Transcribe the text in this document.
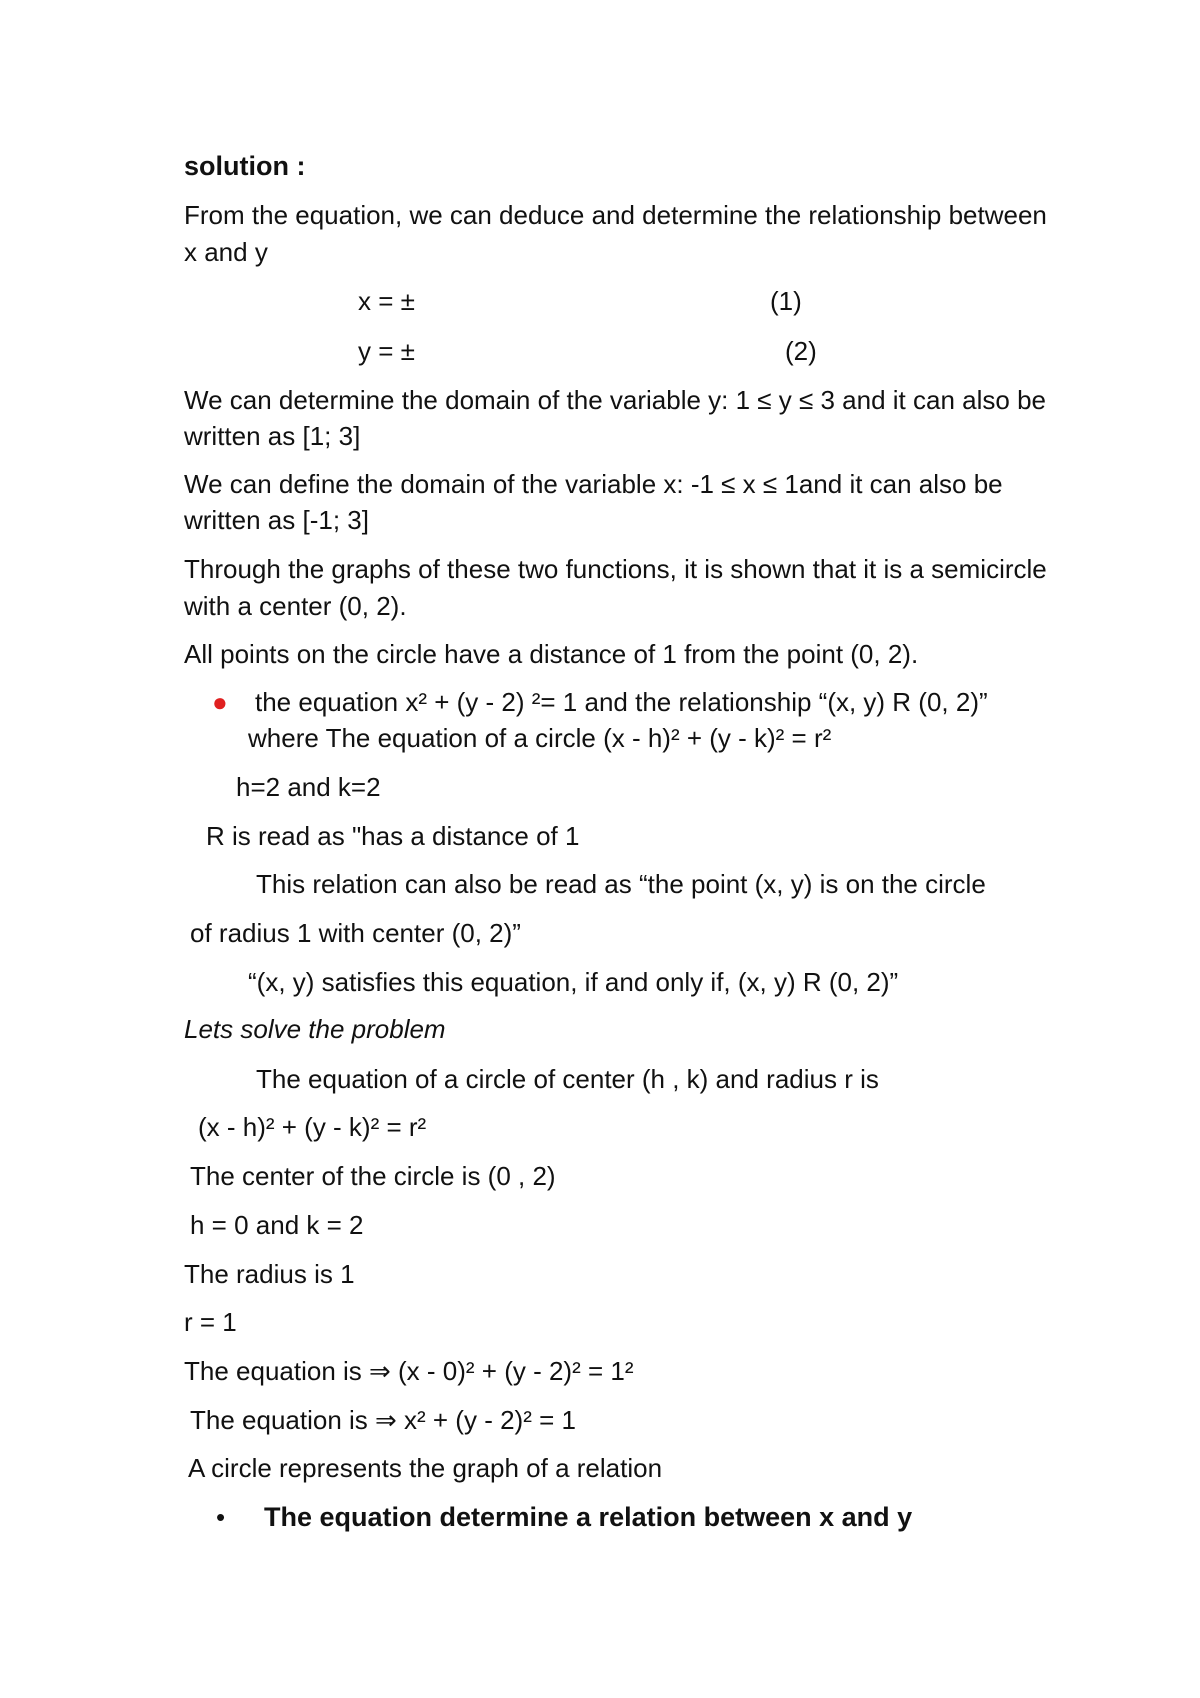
solution :
From the equation, we can deduce and determine the relationship between
x and y
x = ±	(1)
y = ±	(2)
We can determine the domain of the variable y: 1 ≤ y ≤ 3 and it can also be
written as [1; 3]
We can define the domain of the variable x: -1 ≤ x ≤ 1and it can also be
written as [-1; 3]
Through the graphs of these two functions, it is shown that it is a semicircle
with a center (0, 2).
All points on the circle have a distance of 1 from the point (0, 2).
● the equation x² + (y - 2) ²= 1 and the relationship “(x, y) R (0, 2)”
where The equation of a circle (x - h)² + (y - k)² = r²
h=2 and k=2
R is read as "has a distance of 1
This relation can also be read as “the point (x, y) is on the circle
of radius 1 with center (0, 2)”
“(x, y) satisfies this equation, if and only if, (x, y) R (0, 2)”
Lets solve the problem
The equation of a circle of center (h , k) and radius r is
(x - h)² + (y - k)² = r²
The center of the circle is (0 , 2)
h = 0 and k = 2
The radius is 1
r = 1
The equation is ⇒ (x - 0)² + (y - 2)² = 1²
The equation is ⇒ x² + (y - 2)² = 1
A circle represents the graph of a relation
• The equation determine a relation between x and y
